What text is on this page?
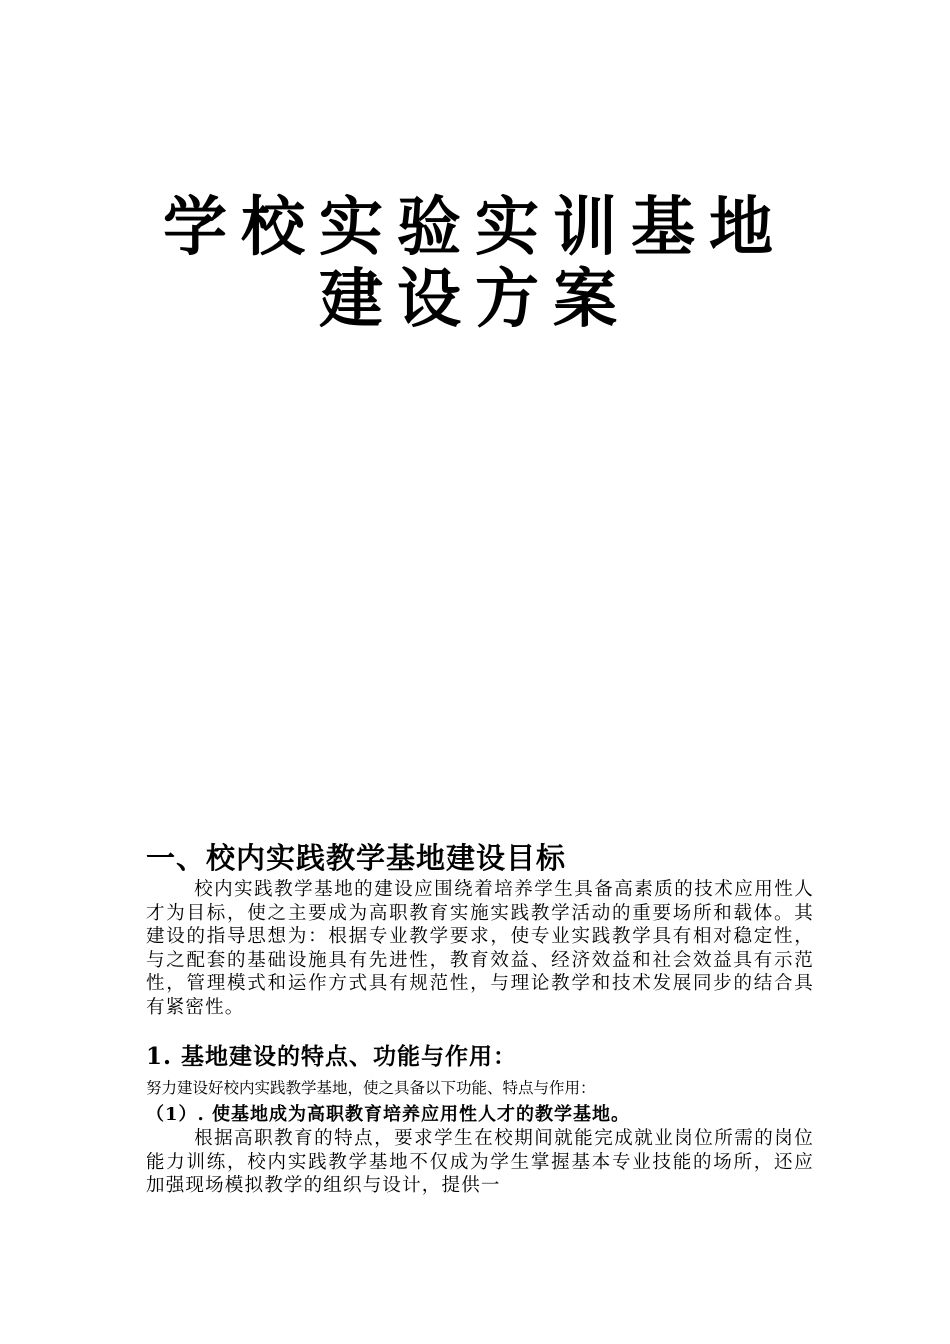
学校实验实训基地
建设方案
一、校内实践教学基地建设目标

校内实践教学基地的建设应围绕着培养学生具备高素质的技术应用性人才为目标，使之主要成为高职教育实施实践教学活动的重要场所和载体。其建设的指导思想为：根据专业教学要求，使专业实践教学具有相对稳定性，与之配套的基础设施具有先进性，教育效益、经济效益和社会效益具有示范性，管理模式和运作方式具有规范性，与理论教学和技术发展同步的结合具有紧密性。

1. 基地建设的特点、功能与作用：

努力建设好校内实践教学基地，使之具备以下功能、特点与作用：

（1）. 使基地成为高职教育培养应用性人才的教学基地。

根据高职教育的特点，要求学生在校期间就能完成就业岗位所需的岗位能力训练，校内实践教学基地不仅成为学生掌握基本专业技能的场所，还应加强现场模拟教学的组织与设计，提供一
